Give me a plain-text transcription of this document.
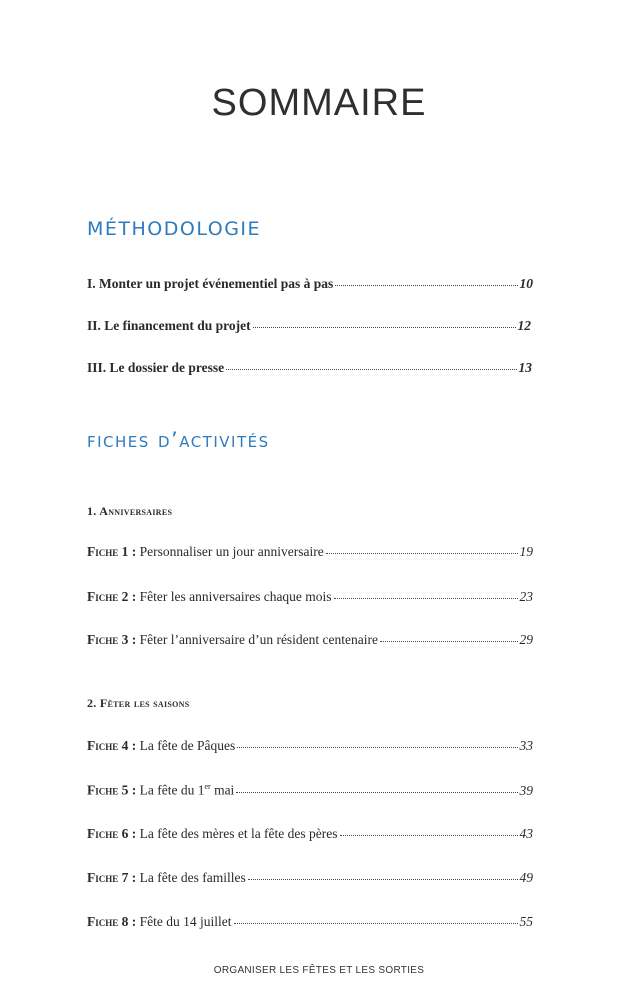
SOMMAIRE
MÉTHODOLOGIE
I. Monter un projet événementiel pas à pas	10
II. Le financement du projet	12
III. Le dossier de presse	13
fiches d’activités
1. Anniversaires
Fiche 1 : Personnaliser un jour anniversaire	19
Fiche 2 : Fêter les anniversaires chaque mois	23
Fiche 3 : Fêter l’anniversaire d’un résident centenaire	29
2. Fêter les saisons
Fiche 4 : La fête de Pâques	33
Fiche 5 : La fête du 1er mai	39
Fiche 6 : La fête des mères et la fête des pères	43
Fiche 7 : La fête des familles	49
Fiche 8 : Fête du 14 juillet	55
ORGANISER LES FÊTES ET LES SORTIES
